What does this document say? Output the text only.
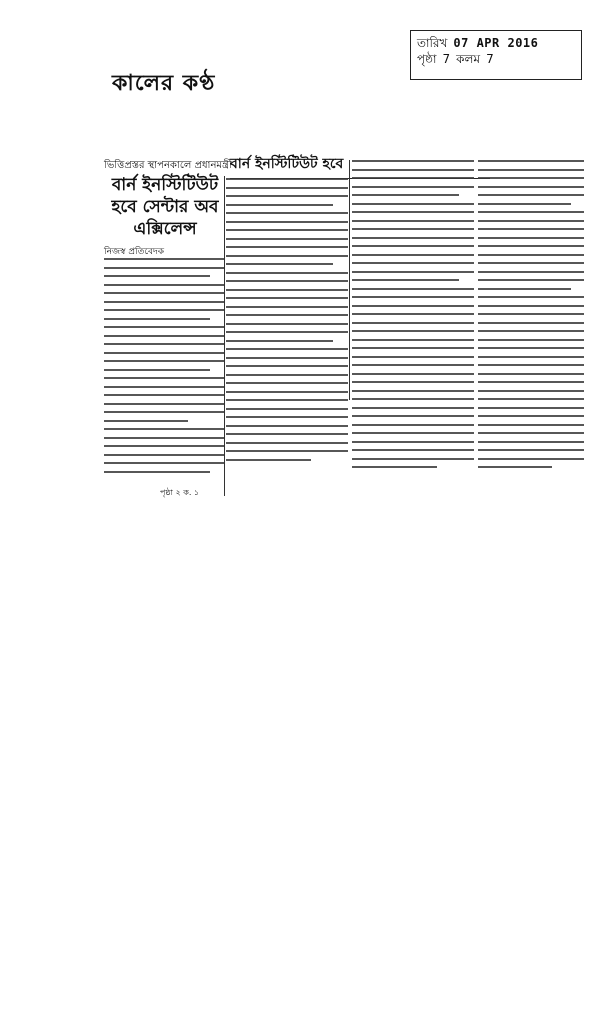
তারিখ 07 APR 2016
পৃষ্ঠা 7 কলম 7
কালের কণ্ঠ
ভিত্তিপ্রস্তর স্থাপনকালে প্রধানমন্ত্রী
বার্ন ইনস্টিটিউট হবে সেন্টার অব এক্সিলেন্স
নিজস্ব প্রতিবেদক
বার্ন ইনস্টিটিউট হবে
পৃষ্ঠা ২ ক. ১
